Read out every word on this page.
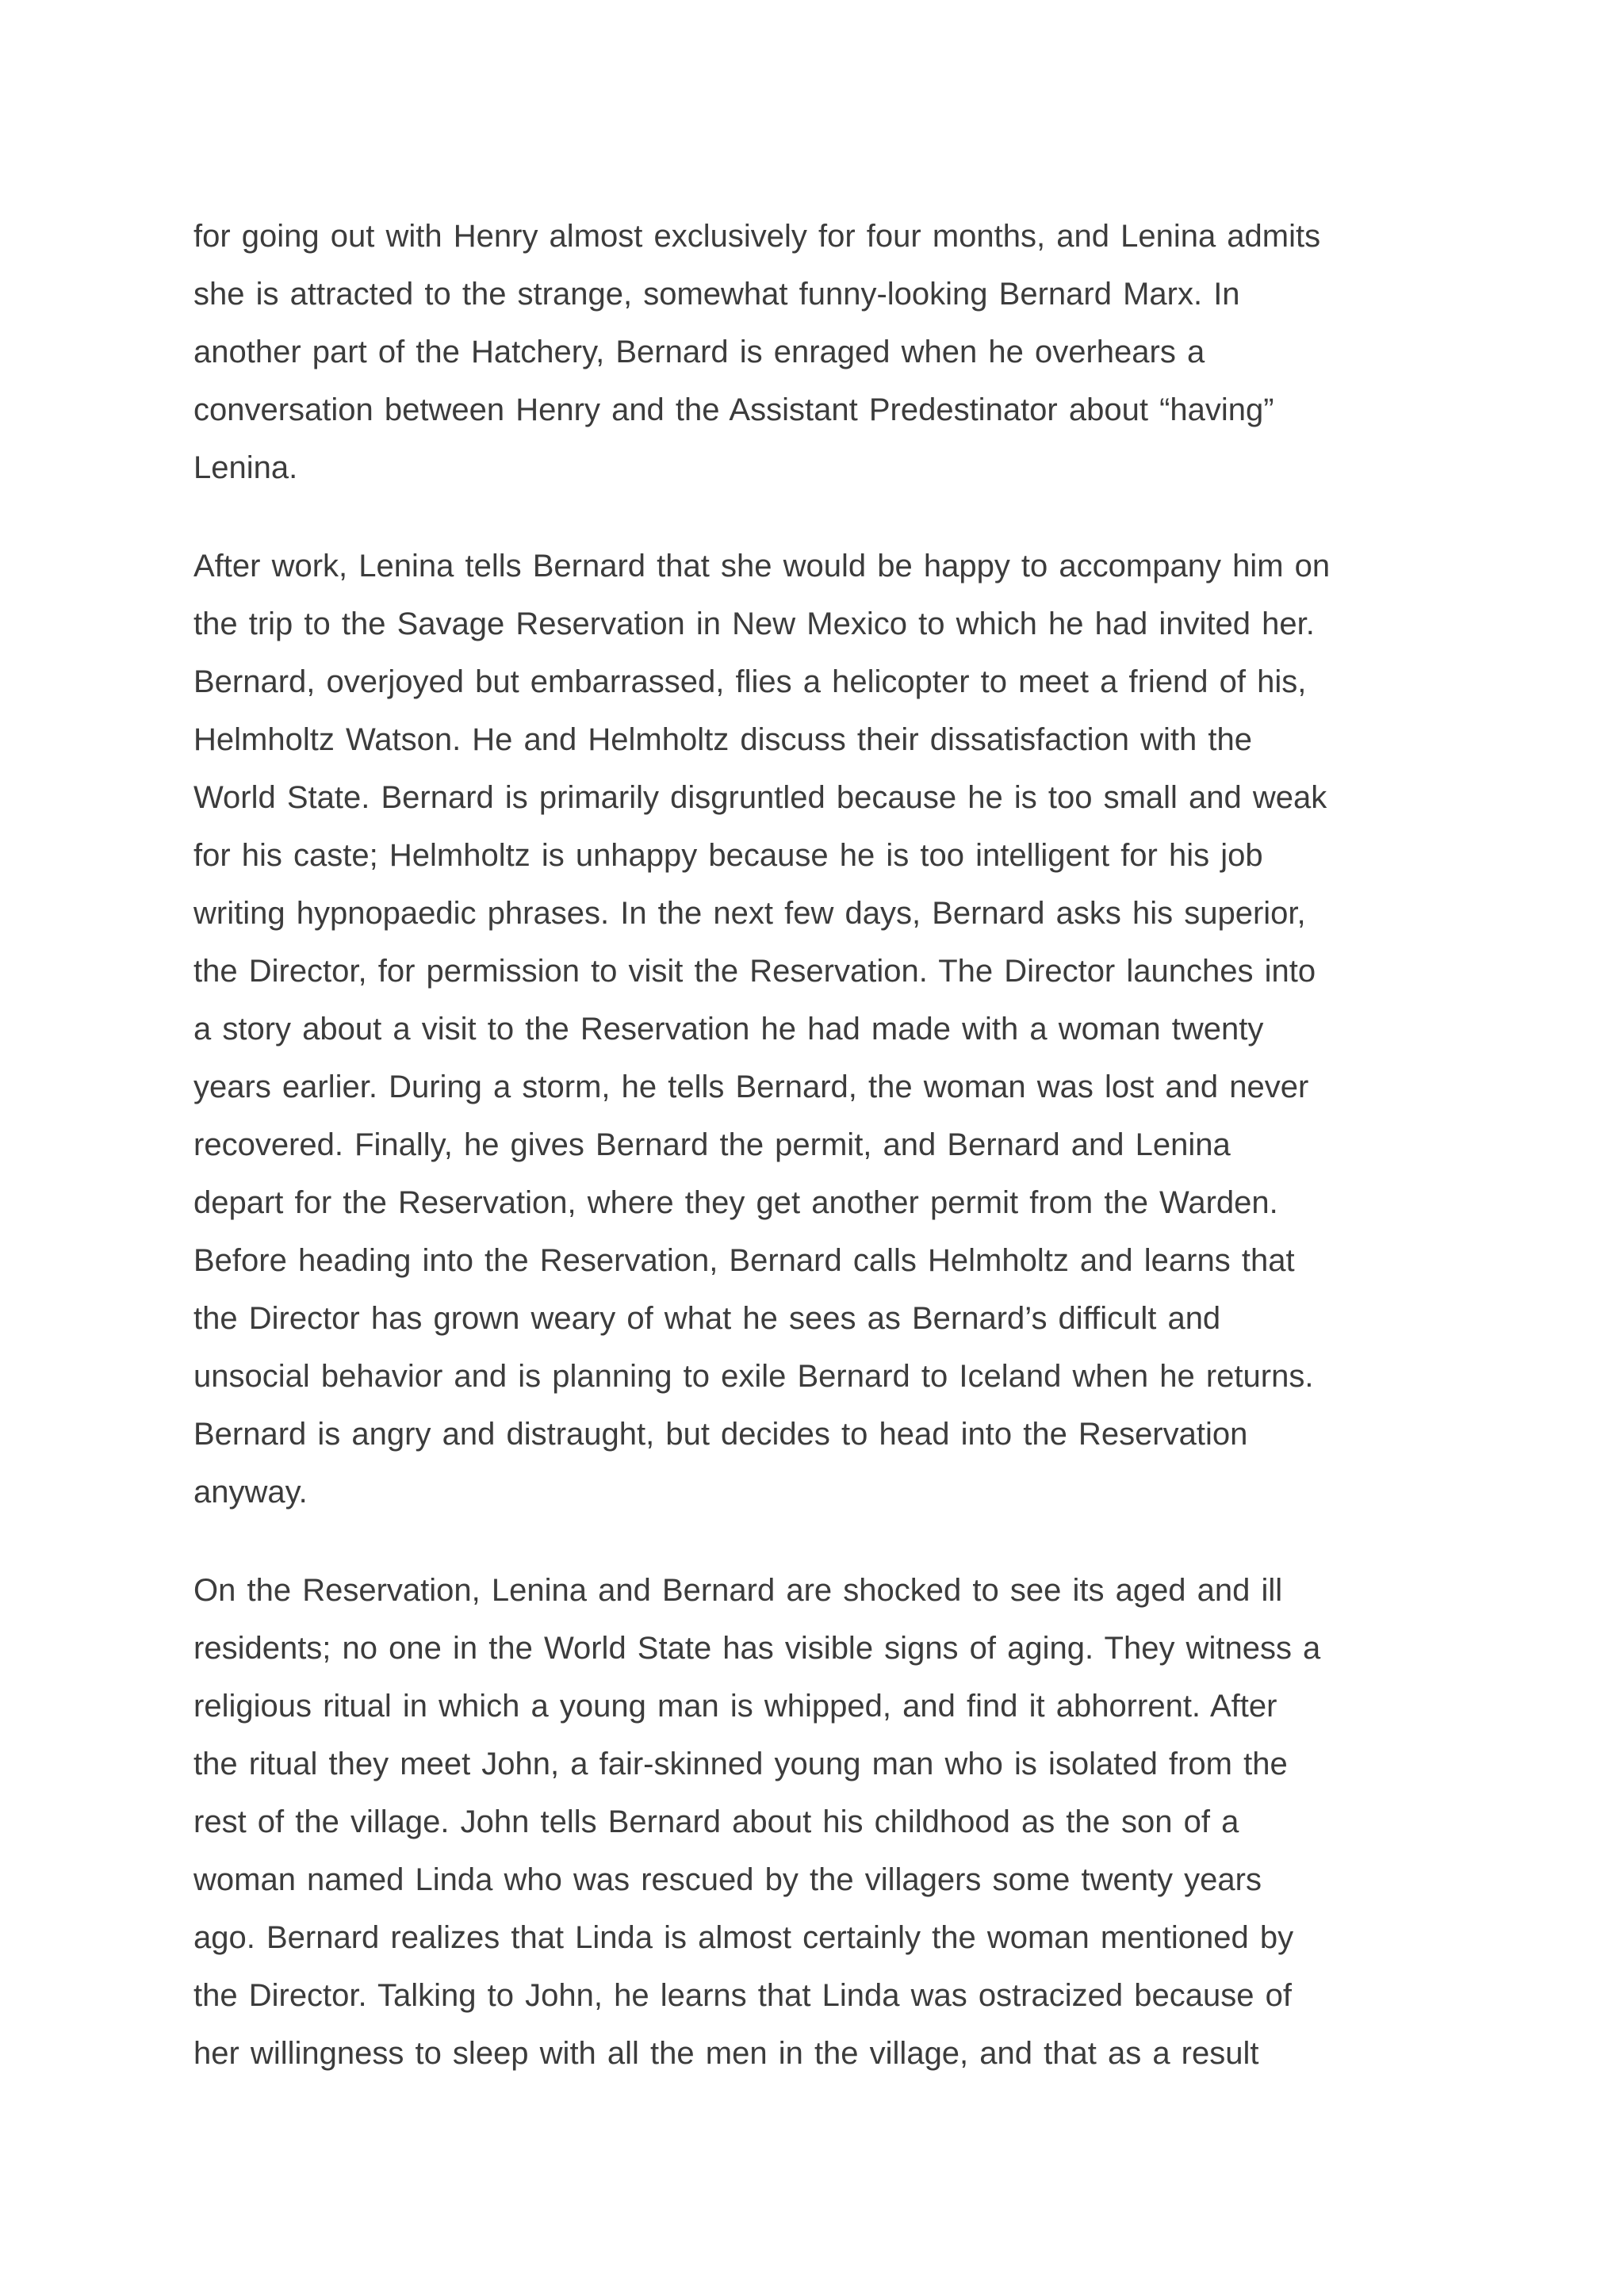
for going out with Henry almost exclusively for four months, and Lenina admits
she is attracted to the strange, somewhat funny-looking Bernard Marx. In
another part of the Hatchery, Bernard is enraged when he overhears a
conversation between Henry and the Assistant Predestinator about “having”
Lenina.

After work, Lenina tells Bernard that she would be happy to accompany him on
the trip to the Savage Reservation in New Mexico to which he had invited her.
Bernard, overjoyed but embarrassed, flies a helicopter to meet a friend of his,
Helmholtz Watson. He and Helmholtz discuss their dissatisfaction with the
World State. Bernard is primarily disgruntled because he is too small and weak
for his caste; Helmholtz is unhappy because he is too intelligent for his job
writing hypnopaedic phrases. In the next few days, Bernard asks his superior,
the Director, for permission to visit the Reservation. The Director launches into
a story about a visit to the Reservation he had made with a woman twenty
years earlier. During a storm, he tells Bernard, the woman was lost and never
recovered. Finally, he gives Bernard the permit, and Bernard and Lenina
depart for the Reservation, where they get another permit from the Warden.
Before heading into the Reservation, Bernard calls Helmholtz and learns that
the Director has grown weary of what he sees as Bernard’s difficult and
unsocial behavior and is planning to exile Bernard to Iceland when he returns.
Bernard is angry and distraught, but decides to head into the Reservation
anyway.

On the Reservation, Lenina and Bernard are shocked to see its aged and ill
residents; no one in the World State has visible signs of aging. They witness a
religious ritual in which a young man is whipped, and find it abhorrent. After
the ritual they meet John, a fair-skinned young man who is isolated from the
rest of the village. John tells Bernard about his childhood as the son of a
woman named Linda who was rescued by the villagers some twenty years
ago. Bernard realizes that Linda is almost certainly the woman mentioned by
the Director. Talking to John, he learns that Linda was ostracized because of
her willingness to sleep with all the men in the village, and that as a result
